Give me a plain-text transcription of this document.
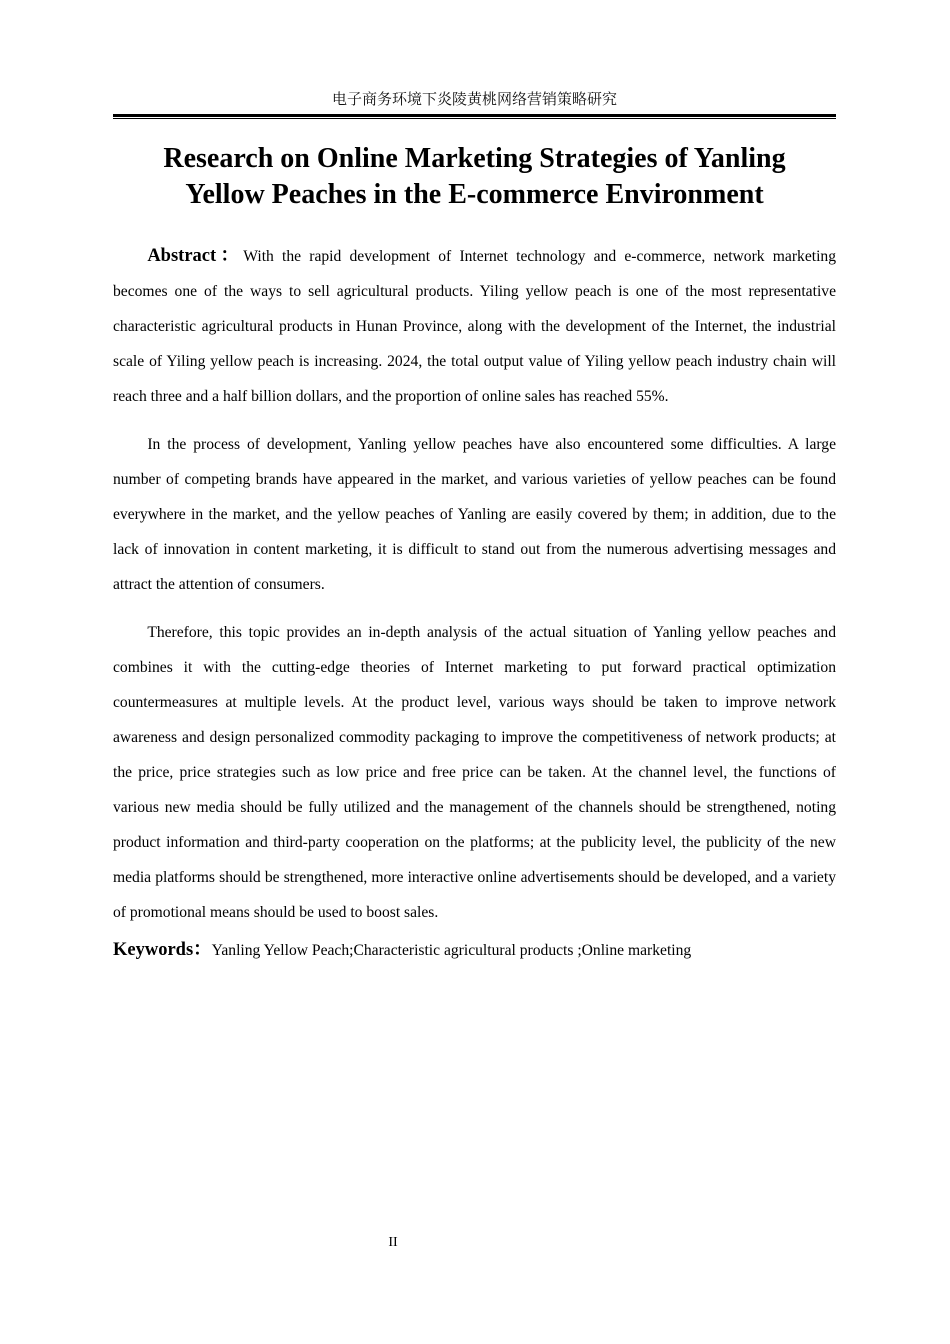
电子商务环境下炎陵黄桃网络营销策略研究
Research on Online Marketing Strategies of Yanling
Yellow Peaches in the E-commerce Environment

Abstract：With the rapid development of Internet technology and e-commerce, network marketing becomes one of the ways to sell agricultural products. Yiling yellow peach is one of the most representative characteristic agricultural products in Hunan Province, along with the development of the Internet, the industrial scale of Yiling yellow peach is increasing. 2024, the total output value of Yiling yellow peach industry chain will reach three and a half billion dollars, and the proportion of online sales has reached 55%.

In the process of development, Yanling yellow peaches have also encountered some difficulties. A large number of competing brands have appeared in the market, and various varieties of yellow peaches can be found everywhere in the market, and the yellow peaches of Yanling are easily covered by them; in addition, due to the lack of innovation in content marketing, it is difficult to stand out from the numerous advertising messages and attract the attention of consumers.

Therefore, this topic provides an in-depth analysis of the actual situation of Yanling yellow peaches and combines it with the cutting-edge theories of Internet marketing to put forward practical optimization countermeasures at multiple levels. At the product level, various ways should be taken to improve network awareness and design personalized commodity packaging to improve the competitiveness of network products; at the price, price strategies such as low price and free price can be taken. At the channel level, the functions of various new media should be fully utilized and the management of the channels should be strengthened, noting product information and third-party cooperation on the platforms; at the publicity level, the publicity of the new media platforms should be strengthened, more interactive online advertisements should be developed, and a variety of promotional means should be used to boost sales.

Keywords：Yanling Yellow Peach;Characteristic agricultural products ;Online marketing
II
